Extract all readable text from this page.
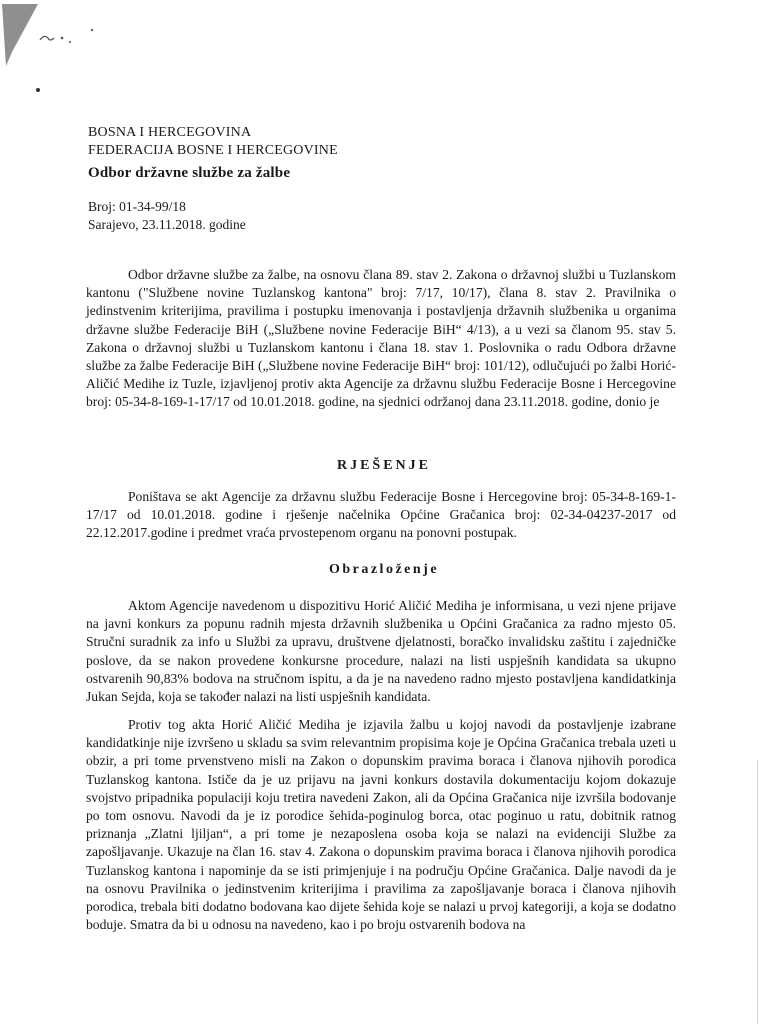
BOSNA I HERCEGOVINA
FEDERACIJA BOSNE I HERCEGOVINE
Odbor državne službe za žalbe
Broj: 01-34-99/18
Sarajevo, 23.11.2018. godine

Odbor državne službe za žalbe, na osnovu člana 89. stav 2. Zakona o državnoj službi u Tuzlanskom kantonu ("Službene novine Tuzlanskog kantona" broj: 7/17, 10/17), člana 8. stav 2. Pravilnika o jedinstvenim kriterijima, pravilima i postupku imenovanja i postavljenja državnih službenika u organima državne službe Federacije BiH („Službene novine Federacije BiH“ 4/13), a u vezi sa članom 95. stav 5. Zakona o državnoj službi u Tuzlanskom kantonu i člana 18. stav 1. Poslovnika o radu Odbora državne službe za žalbe Federacije BiH („Službene novine Federacije BiH“ broj: 101/12), odlučujući po žalbi Horić-Aličić Medihe iz Tuzle, izjavljenoj protiv akta Agencije za državnu službu Federacije Bosne i Hercegovine broj: 05-34-8-169-1-17/17 od 10.01.2018. godine, na sjednici održanoj dana 23.11.2018. godine, donio je

RJEŠENJE

Poništava se akt Agencije za državnu službu Federacije Bosne i Hercegovine broj: 05-34-8-169-1-17/17 od 10.01.2018. godine i rješenje načelnika Općine Gračanica broj: 02-34-04237-2017 od 22.12.2017.godine i predmet vraća prvostepenom organu na ponovni postupak.

Obrazloženje

Aktom Agencije navedenom u dispozitivu Horić Aličić Mediha je informisana, u vezi njene prijave na javni konkurs za popunu radnih mjesta državnih službenika u Općini Gračanica za radno mjesto 05. Stručni suradnik za info u Službi za upravu, društvene djelatnosti, boračko invalidsku zaštitu i zajedničke poslove, da se nakon provedene konkursne procedure, nalazi na listi uspješnih kandidata sa ukupno ostvarenih 90,83% bodova na stručnom ispitu, a da je na navedeno radno mjesto postavljena kandidatkinja Jukan Sejda, koja se također nalazi na listi uspješnih kandidata.

Protiv tog akta Horić Aličić Mediha je izjavila žalbu u kojoj navodi da postavljenje izabrane kandidatkinje nije izvršeno u skladu sa svim relevantnim propisima koje je Općina Gračanica trebala uzeti u obzir, a pri tome prvenstveno misli na Zakon o dopunskim pravima boraca i članova njihovih porodica Tuzlanskog kantona. Ističe da je uz prijavu na javni konkurs dostavila dokumentaciju kojom dokazuje svojstvo pripadnika populaciji koju tretira navedeni Zakon, ali da Općina Gračanica nije izvršila bodovanje po tom osnovu. Navodi da je iz porodice šehida-poginulog borca, otac poginuo u ratu, dobitnik ratnog priznanja „Zlatni ljiljan“, a pri tome je nezaposlena osoba koja se nalazi na evidenciji Službe za zapošljavanje. Ukazuje na član 16. stav 4. Zakona o dopunskim pravima boraca i članova njihovih porodica Tuzlanskog kantona i napominje da se isti primjenjuje i na području Općine Gračanica. Dalje navodi da je na osnovu Pravilnika o jedinstvenim kriterijima i pravilima za zapošljavanje boraca i članova njihovih porodica, trebala biti dodatno bodovana kao dijete šehida koje se nalazi u prvoj kategoriji, a koja se dodatno boduje. Smatra da bi u odnosu na navedeno, kao i po broju ostvarenih bodova na
